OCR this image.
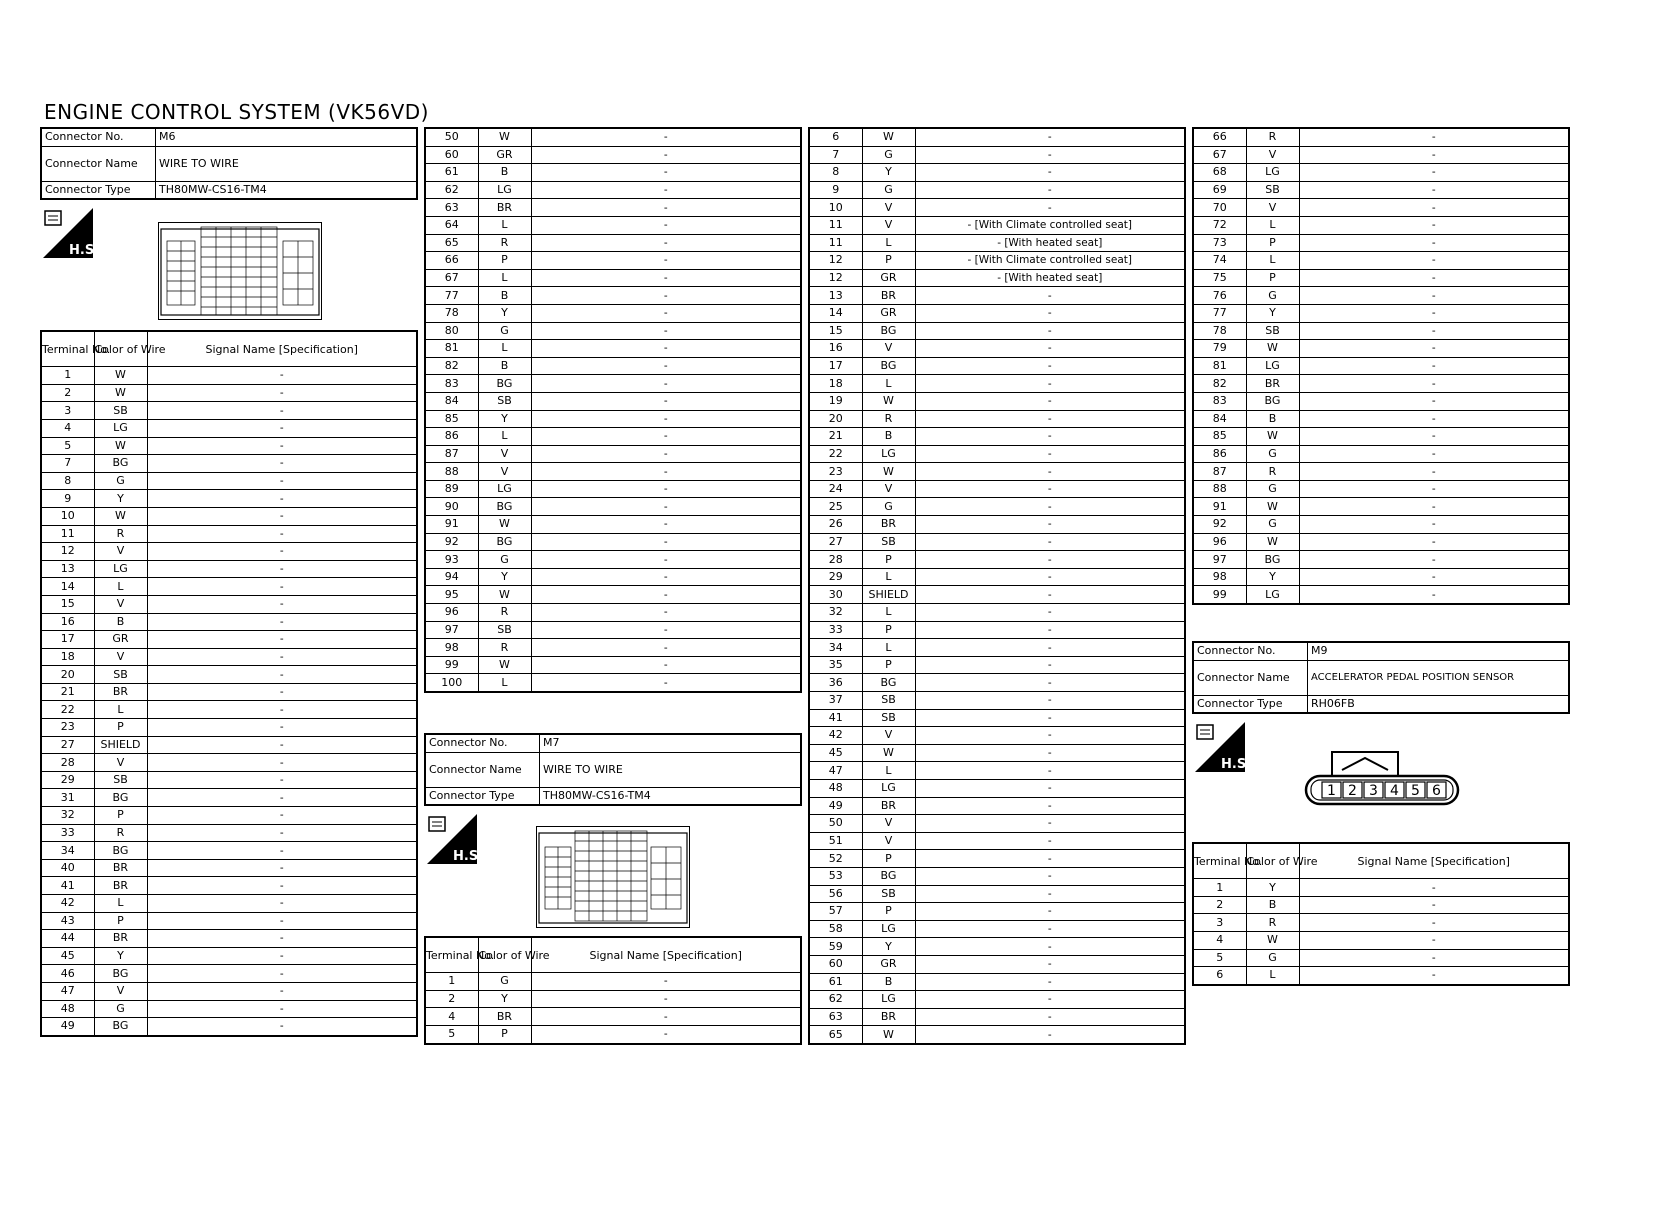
ENGINE CONTROL SYSTEM (VK56VD)
Connector No.	M6
Connector Name	WIRE TO WIRE
Connector Type	TH80MW-CS16-TM4
H.S.
Terminal No.	Color of Wire	Signal Name [Specification]
1	W	-
2	W	-
3	SB	-
4	LG	-
5	W	-
7	BG	-
8	G	-
9	Y	-
10	W	-
11	R	-
12	V	-
13	LG	-
14	L	-
15	V	-
16	B	-
17	GR	-
18	V	-
20	SB	-
21	BR	-
22	L	-
23	P	-
27	SHIELD	-
28	V	-
29	SB	-
31	BG	-
32	P	-
33	R	-
34	BG	-
40	BR	-
41	BR	-
42	L	-
43	P	-
44	BR	-
45	Y	-
46	BG	-
47	V	-
48	G	-
49	BG	-
50	W	-
60	GR	-
61	B	-
62	LG	-
63	BR	-
64	L	-
65	R	-
66	P	-
67	L	-
77	B	-
78	Y	-
80	G	-
81	L	-
82	B	-
83	BG	-
84	SB	-
85	Y	-
86	L	-
87	V	-
88	V	-
89	LG	-
90	BG	-
91	W	-
92	BG	-
93	G	-
94	Y	-
95	W	-
96	R	-
97	SB	-
98	R	-
99	W	-
100	L	-
Connector No.	M7
Connector Name	WIRE TO WIRE
Connector Type	TH80MW-CS16-TM4
H.S.
Terminal No.	Color of Wire	Signal Name [Specification]
1	G	-
2	Y	-
4	BR	-
5	P	-
6	W	-
7	G	-
8	Y	-
9	G	-
10	V	-
11	V	- [With Climate controlled seat]
11	L	- [With heated seat]
12	P	- [With Climate controlled seat]
12	GR	- [With heated seat]
13	BR	-
14	GR	-
15	BG	-
16	V	-
17	BG	-
18	L	-
19	W	-
20	R	-
21	B	-
22	LG	-
23	W	-
24	V	-
25	G	-
26	BR	-
27	SB	-
28	P	-
29	L	-
30	SHIELD	-
32	L	-
33	P	-
34	L	-
35	P	-
36	BG	-
37	SB	-
41	SB	-
42	V	-
45	W	-
47	L	-
48	LG	-
49	BR	-
50	V	-
51	V	-
52	P	-
53	BG	-
56	SB	-
57	P	-
58	LG	-
59	Y	-
60	GR	-
61	B	-
62	LG	-
63	BR	-
65	W	-
66	R	-
67	V	-
68	LG	-
69	SB	-
70	V	-
72	L	-
73	P	-
74	L	-
75	P	-
76	G	-
77	Y	-
78	SB	-
79	W	-
81	LG	-
82	BR	-
83	BG	-
84	B	-
85	W	-
86	G	-
87	R	-
88	G	-
91	W	-
92	G	-
96	W	-
97	BG	-
98	Y	-
99	LG	-
Connector No.	M9
Connector Name	ACCELERATOR PEDAL POSITION SENSOR
Connector Type	RH06FB
H.S.
1 2 3 4 5 6
Terminal No.	Color of Wire	Signal Name [Specification]
1	Y	-
2	B	-
3	R	-
4	W	-
5	G	-
6	L	-
